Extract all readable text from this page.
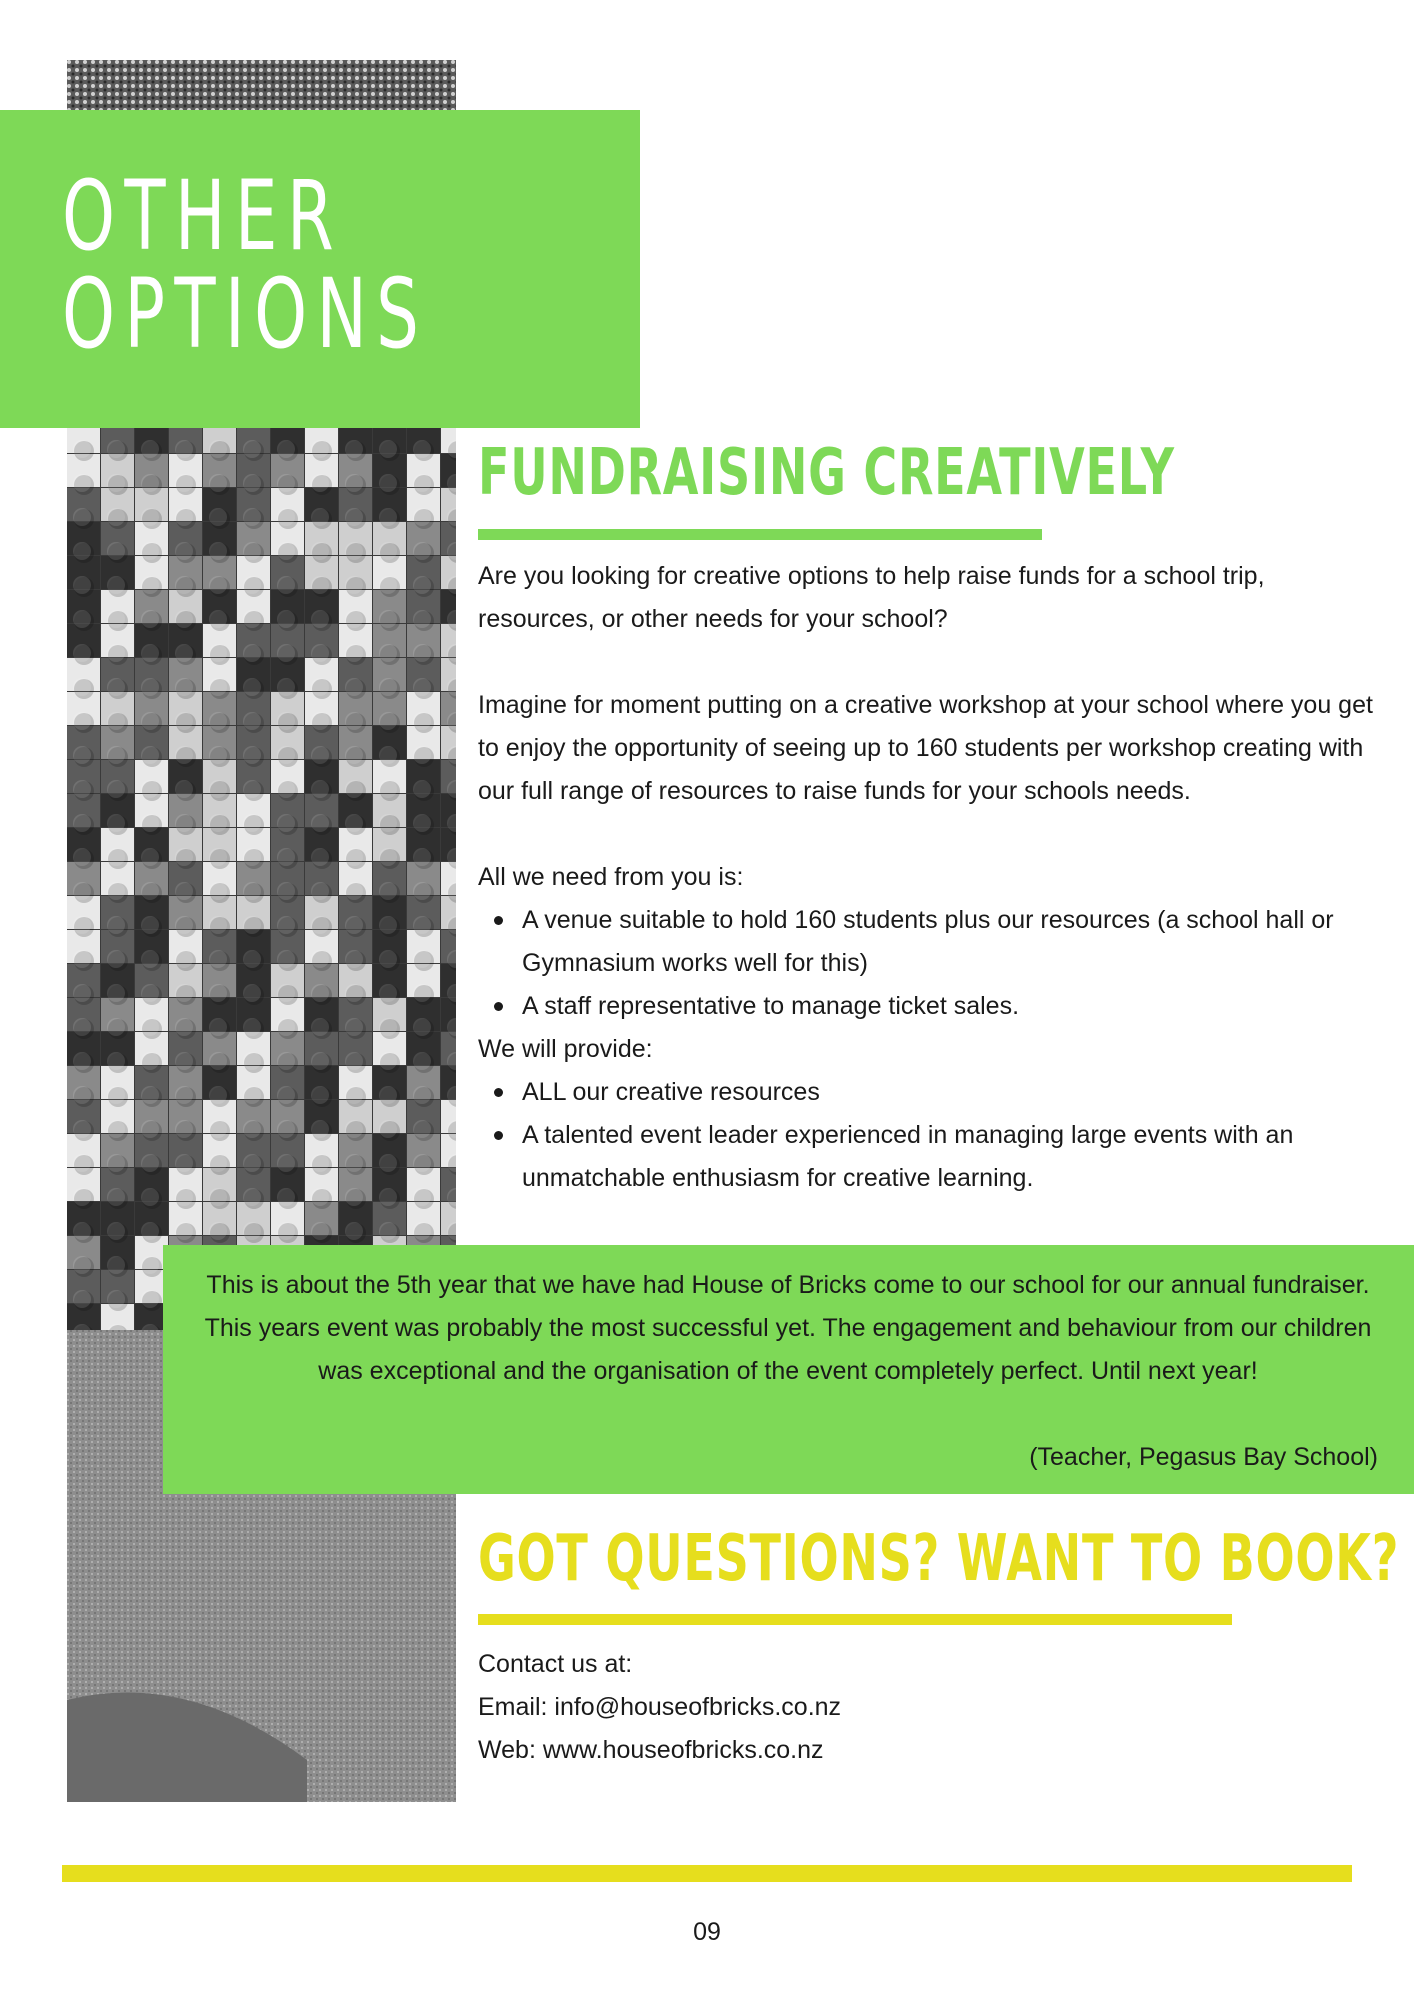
OTHER
OPTIONS
FUNDRAISING CREATIVELY

Are you looking for creative options to help raise funds for a school trip, resources, or other needs for your school?

Imagine for moment putting on a creative workshop at your school where you get to enjoy the opportunity of seeing up to 160 students per workshop creating with our full range of resources to raise funds for your schools needs.

All we need from you is:

A venue suitable to hold 160 students plus our resources (a school hall or Gymnasium works well for this)
A staff representative to manage ticket sales.

We will provide:

ALL our creative resources
A talented event leader experienced in managing large events with an unmatchable enthusiasm for creative learning.
This is about the 5th year that we have had House of Bricks come to our school for our annual fundraiser. This years event was probably the most successful yet. The engagement and behaviour from our children was exceptional and the organisation of the event completely perfect. Until next year!
(Teacher, Pegasus Bay School)
GOT QUESTIONS? WANT TO BOOK?

Contact us at:

Email: info@houseofbricks.co.nz

Web: www.houseofbricks.co.nz

09
